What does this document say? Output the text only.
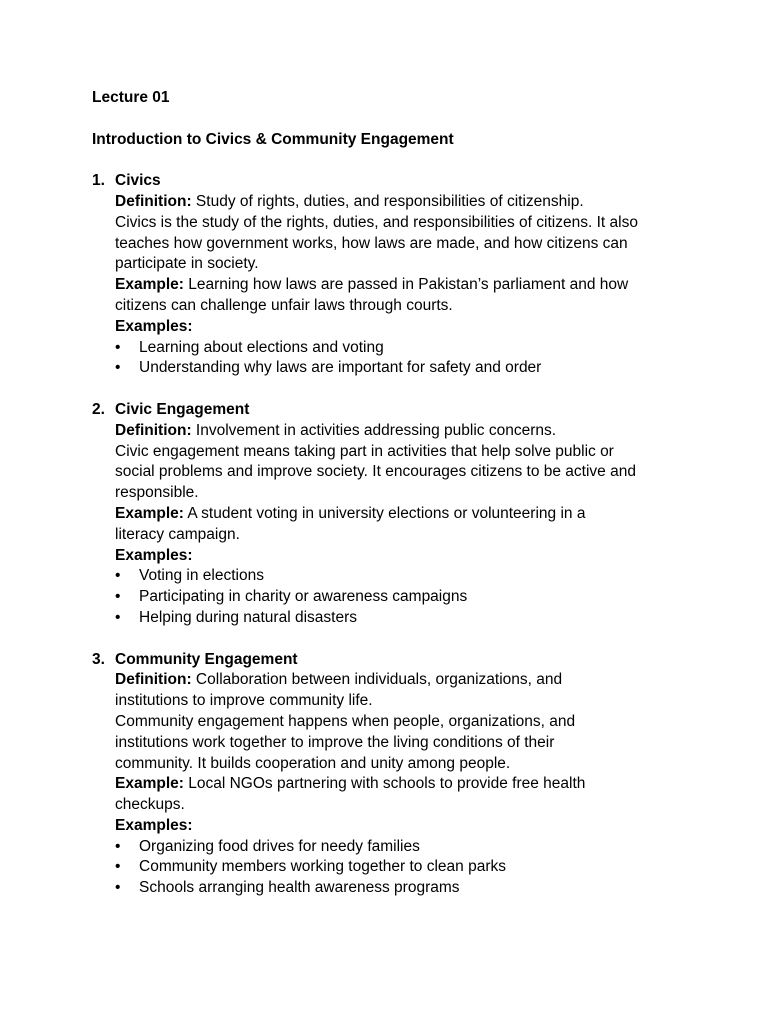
Lecture 01

Introduction to Civics & Community Engagement

1. Civics

Definition: Study of rights, duties, and responsibilities of citizenship.

Civics is the study of the rights, duties, and responsibilities of citizens. It also

teaches how government works, how laws are made, and how citizens can

participate in society.

Example: Learning how laws are passed in Pakistan’s parliament and how

citizens can challenge unfair laws through courts.

Examples:

• Learning about elections and voting
• Understanding why laws are important for safety and order
2. Civic Engagement

Definition: Involvement in activities addressing public concerns.

Civic engagement means taking part in activities that help solve public or

social problems and improve society. It encourages citizens to be active and

responsible.

Example: A student voting in university elections or volunteering in a

literacy campaign.

Examples:

• Voting in elections
• Participating in charity or awareness campaigns
• Helping during natural disasters
3. Community Engagement

Definition: Collaboration between individuals, organizations, and

institutions to improve community life.

Community engagement happens when people, organizations, and

institutions work together to improve the living conditions of their

community. It builds cooperation and unity among people.

Example: Local NGOs partnering with schools to provide free health

checkups.

Examples:

• Organizing food drives for needy families
• Community members working together to clean parks
• Schools arranging health awareness programs
